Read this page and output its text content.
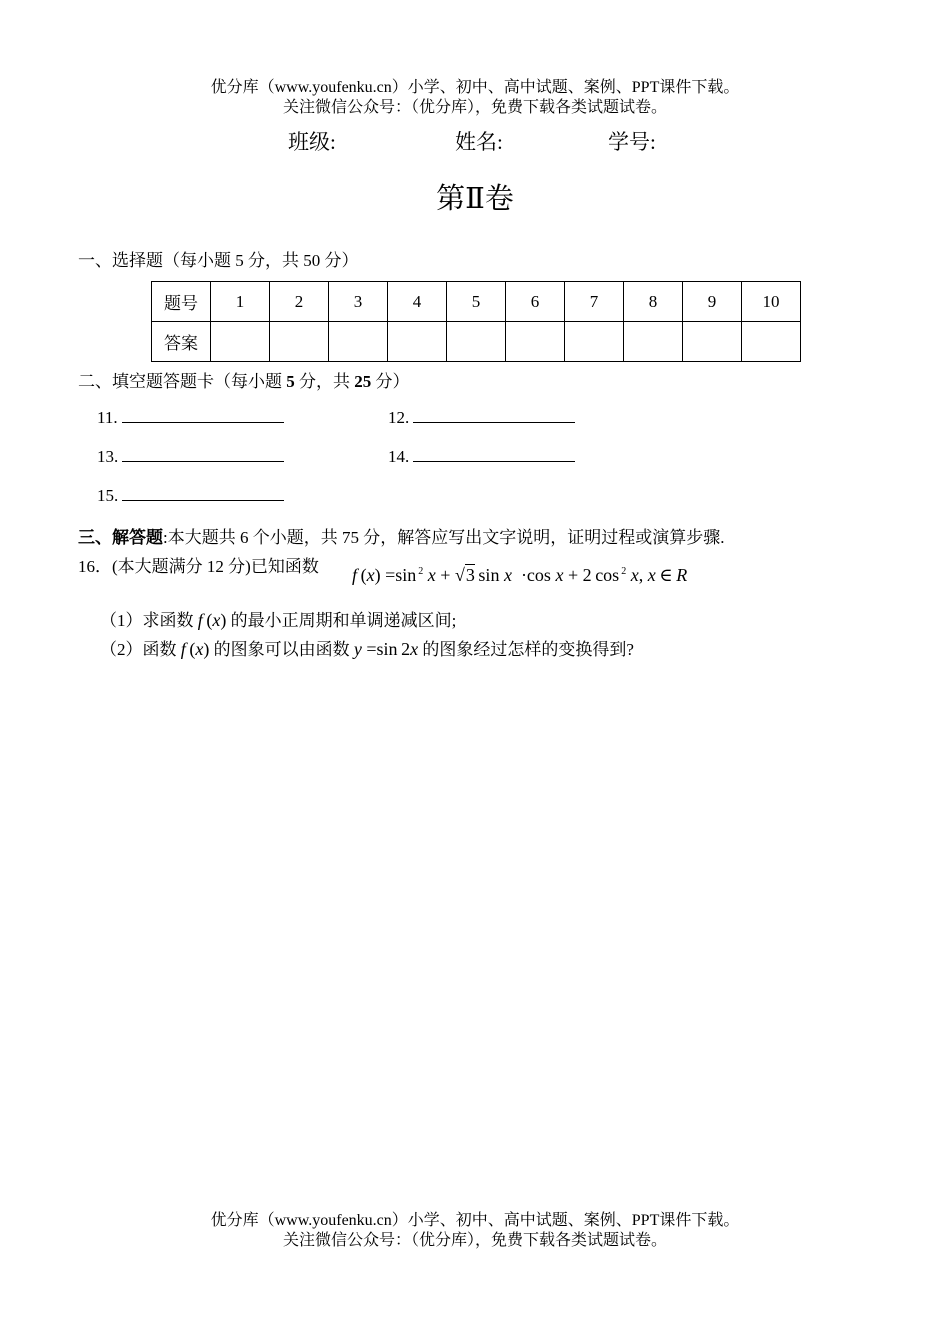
优分库（www.youfenku.cn）小学、初中、高中试题、案例、PPT课件下载。
关注微信公众号：（优分库），免费下载各类试题试卷。
班级:	姓名:	学号:
第Ⅱ卷
一、选择题（每小题 5 分，共 50 分）
题号	1	2	3	4	5	6	7	8	9	10
答案										
二、填空题答题卡（每小题 5 分，共 25 分）
11.	12.
13.	14.
15.
三、解答题:本大题共 6 个小题，共 75 分，解答应写出文字说明，证明过程或演算步骤.
16．(本大题满分 12 分)已知函数 f (x) =sin $^2$ x + √3 sin x  ·cos x + 2 cos $^2$ x, x ∈ R
（1）求函数 f (x) 的最小正周期和单调递减区间;
（2）函数 f (x) 的图象可以由函数 y =sin 2x 的图象经过怎样的变换得到?
优分库（www.youfenku.cn）小学、初中、高中试题、案例、PPT课件下载。
关注微信公众号：（优分库），免费下载各类试题试卷。
